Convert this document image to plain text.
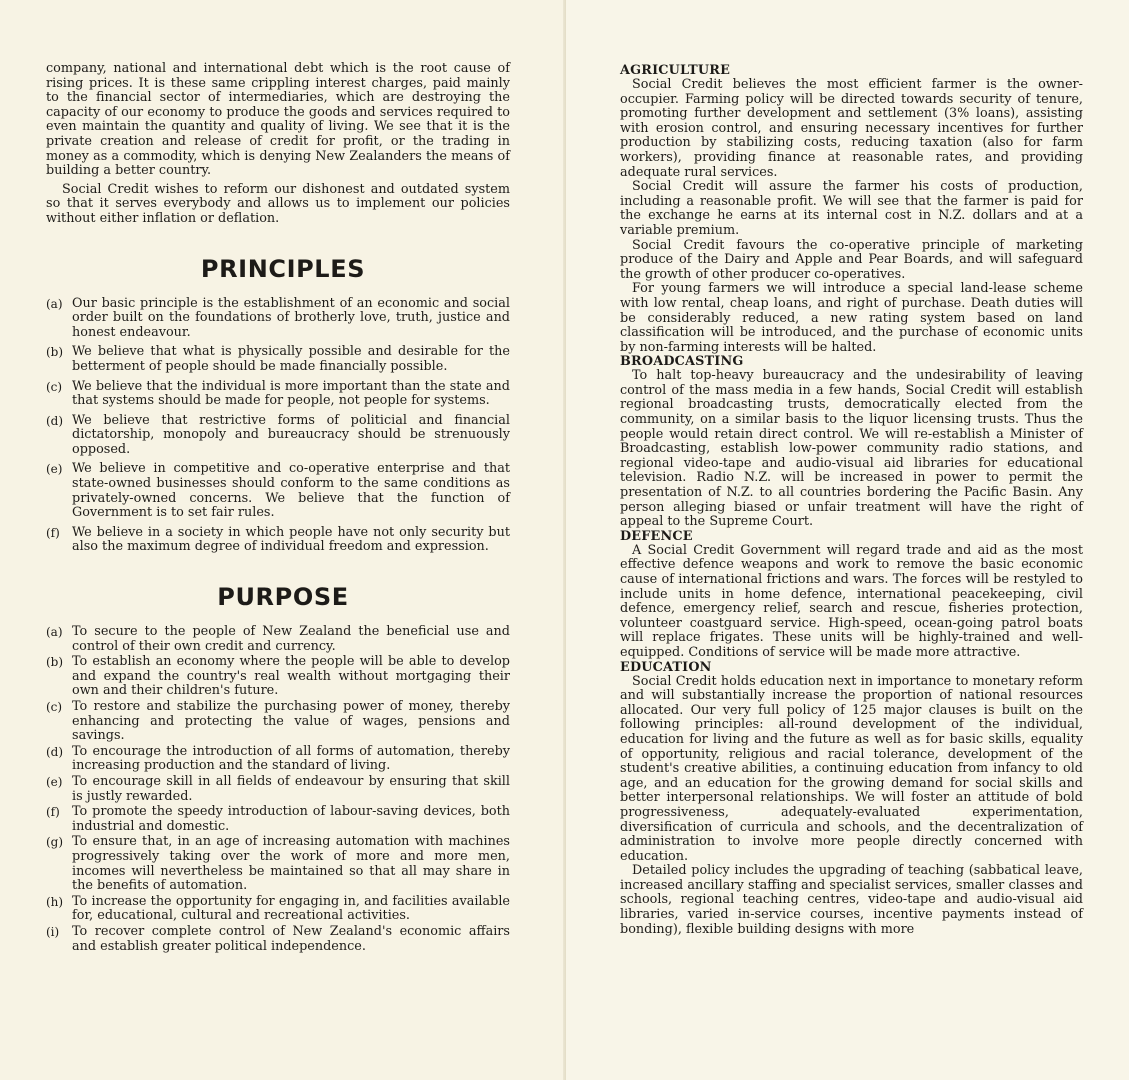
company, national and international debt which is the root cause of rising prices. It is these same crippling interest charges, paid mainly to the financial sector of intermediaries, which are destroying the capacity of our economy to produce the goods and services required to even maintain the quantity and quality of living. We see that it is the private creation and release of credit for profit, or the trading in money as a commodity, which is denying New Zealanders the means of building a better country.

Social Credit wishes to reform our dishonest and outdated system so that it serves everybody and allows us to implement our policies without either inflation or deflation.

PRINCIPLES
(a) Our basic principle is the establishment of an economic and social order built on the foundations of brotherly love, truth, justice and honest endeavour.
(b) We believe that what is physically possible and desirable for the betterment of people should be made financially possible.
(c) We believe that the individual is more important than the state and that systems should be made for people, not people for systems.
(d) We believe that restrictive forms of politicial and financial dictatorship, monopoly and bureaucracy should be strenuously opposed.
(e) We believe in competitive and co-operative enterprise and that state-owned businesses should conform to the same conditions as privately-owned concerns. We believe that the function of Government is to set fair rules.
(f) We believe in a society in which people have not only security but also the maximum degree of individual freedom and expression.
PURPOSE
(a) To secure to the people of New Zealand the beneficial use and control of their own credit and currency.
(b) To establish an economy where the people will be able to develop and expand the country's real wealth without mortgaging their own and their children's future.
(c) To restore and stabilize the purchasing power of money, thereby enhancing and protecting the value of wages, pensions and savings.
(d) To encourage the introduction of all forms of automation, thereby increasing production and the standard of living.
(e) To encourage skill in all fields of endeavour by ensuring that skill is justly rewarded.
(f) To promote the speedy introduction of labour-saving devices, both industrial and domestic.
(g) To ensure that, in an age of increasing automation with machines progressively taking over the work of more and more men, incomes will nevertheless be maintained so that all may share in the benefits of automation.
(h) To increase the opportunity for engaging in, and facilities available for, educational, cultural and recreational activities.
(i) To recover complete control of New Zealand's economic affairs and establish greater political independence.
AGRICULTURE

Social Credit believes the most efficient farmer is the owner-occupier. Farming policy will be directed towards security of tenure, promoting further development and settlement (3% loans), assisting with erosion control, and ensuring necessary incentives for further production by stabilizing costs, reducing taxation (also for farm workers), providing finance at reasonable rates, and providing adequate rural services.

Social Credit will assure the farmer his costs of production, including a reasonable profit. We will see that the farmer is paid for the exchange he earns at its internal cost in N.Z. dollars and at a variable premium.

Social Credit favours the co-operative principle of marketing produce of the Dairy and Apple and Pear Boards, and will safeguard the growth of other producer co-operatives.

For young farmers we will introduce a special land-lease scheme with low rental, cheap loans, and right of purchase. Death duties will be considerably reduced, a new rating system based on land classification will be introduced, and the purchase of economic units by non-farming interests will be halted.

BROADCASTING

To halt top-heavy bureaucracy and the undesirability of leaving control of the mass media in a few hands, Social Credit will establish regional broadcasting trusts, democratically elected from the community, on a similar basis to the liquor licensing trusts. Thus the people would retain direct control. We will re-establish a Minister of Broadcasting, establish low-power community radio stations, and regional video-tape and audio-visual aid libraries for educational television. Radio N.Z. will be increased in power to permit the presentation of N.Z. to all countries bordering the Pacific Basin. Any person alleging biased or unfair treatment will have the right of appeal to the Supreme Court.

DEFENCE

A Social Credit Government will regard trade and aid as the most effective defence weapons and work to remove the basic economic cause of international frictions and wars. The forces will be restyled to include units in home defence, international peacekeeping, civil defence, emergency relief, search and rescue, fisheries protection, volunteer coastguard service. High-speed, ocean-going patrol boats will replace frigates. These units will be highly-trained and well-equipped. Conditions of service will be made more attractive.

EDUCATION

Social Credit holds education next in importance to monetary reform and will substantially increase the proportion of national resources allocated. Our very full policy of 125 major clauses is built on the following principles: all-round development of the individual, education for living and the future as well as for basic skills, equality of opportunity, religious and racial tolerance, development of the student's creative abilities, a continuing education from infancy to old age, and an education for the growing demand for social skills and better interpersonal relationships. We will foster an attitude of bold progressiveness, adequately-evaluated experimentation, diversification of curricula and schools, and the decentralization of administration to involve more people directly concerned with education.

Detailed policy includes the upgrading of teaching (sabbatical leave, increased ancillary staffing and specialist services, smaller classes and schools, regional teaching centres, video-tape and audio-visual aid libraries, varied in-service courses, incentive payments instead of bonding), flexible building designs with more
